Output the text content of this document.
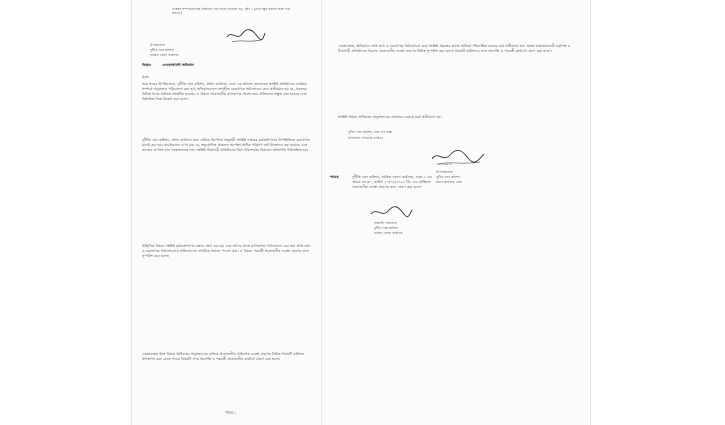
ডাকঘর সম্পত্তিগুলোর বিস্তারিত তথ্য প্রদান সংক্রান্ত পত্র, পৃষ্ঠা ১ (লেখা ক্ষুদ্র হওয়ায় হুবহু পড়া যায় না)
উপরিচালক
দুর্নীতি দমন কমিশন
সমন্বিত জেলা কার্যালয়
বিষয়ঃ	এনফোর্সমেন্ট অভিযান
সূত্রঃ
অত্র পত্রের উপরিচালক, দুর্নীতি দমন কমিশন, প্রধান কার্যালয়, ঢাকা এর আদেশ মোতাবেক সংশ্লিষ্ট প্রতিষ্ঠানের কার্যক্রম সম্পর্কে অনুসন্ধান পরিচালনা করা হয়। অভিযানকালে সংগৃহীত রেকর্ডপত্র পর্যালোচনা করে প্রতীয়মান হয় যে, প্রকল্পের বিভিন্ন খাতে অনিয়ম সংঘটিত হয়েছে। এ বিষয়ে প্রয়োজনীয় কাগজপত্র সংগ্রহ করে প্রতিবেদন প্রস্তুত করা হয়েছে এবং বিস্তারিত নিম্নে উল্লেখ করা হলো।
দুর্নীতি দমন কমিশন, প্রধান কার্যালয় হতে প্রেরিত নির্দেশনা অনুযায়ী সংশ্লিষ্ট দপ্তরের কর্মকর্তাগণের উপস্থিতিতে রেকর্ডপত্র যাচাই করা হয়। যাচাইকালে দেখা যায় যে, অনুমোদিত প্রাক্কলন অপেক্ষা অধিক পরিমাণ অর্থ উত্তোলন করা হয়েছে এবং কাজের গুণগত মান সন্তোষজনক নয়। সংশ্লিষ্ট ঠিকাদারী প্রতিষ্ঠানের বিল পরিশোধের বিষয়েও অসংগতি পরিলক্ষিত হয়।
উল্লিখিত বিষয়ে সংশ্লিষ্ট কর্মকর্তাগণের বক্তব্য গ্রহণ করা হয় এবং তাঁদের প্রদত্ত কাগজপত্র পর্যালোচনা করা হয়। প্রাপ্ত তথ্য ও রেকর্ডপত্র পর্যালোচনায় অভিযোগের প্রাথমিক সত্যতা পাওয়া যায়। এ বিষয়ে পরবর্তী প্রয়োজনীয় ব্যবস্থা গ্রহণের জন্য সুপারিশ করা হলো।
এমতাবস্থায় উক্ত বিষয়ে অধিকতর অনুসন্ধানের মাধ্যমে প্রয়োজনীয় আইনগত ব্যবস্থা গ্রহণের নিমিত্ত বিষয়টি কমিশনে উপস্থাপন করা যেতে পারে। বিষয়টি সদয় অবগতি ও পরবর্তী প্রয়োজনীয় কার্যার্থে প্রেরণ করা হলো।
পাতা-১
এমতাবস্থায়, অভিযানে প্রাপ্ত তথ্য ও রেকর্ডপত্র পর্যালোচনা করে সংশ্লিষ্ট প্রকল্পের কাজে অনিয়ম পরিলক্ষিত হয়েছে মর্মে প্রতীয়মান হয়। প্রকল্প বাস্তবায়নকারী কর্তৃপক্ষ ও ঠিকাদারী প্রতিষ্ঠানের বিরুদ্ধে প্রয়োজনীয় ব্যবস্থা গ্রহণের নিমিত্ত সুপারিশ করা হলো। বিষয়টি কমিশনের সদয় অবগতি ও পরবর্তী কার্যার্থে প্রেরণ করা হলো।
সংশ্লিষ্ট বিষয়ে অধিকতর অনুসন্ধানের প্রয়োজন রয়েছে মর্মে প্রতীয়মান হয়।
দুর্নীতি দমন কমিশন, ঢাকা এর পক্ষে
প্রতিবেদন দাখিলের তারিখঃ
১০.৫.২০২২
উপপরিচালক
দুর্নীতি দমন কমিশন
প্রধান কার্যালয়, ঢাকা
স্মারক	দুর্নীতি দমন কমিশন, সমন্বিত জেলা কার্যালয়, ঢাকা-১ এর স্মারক নং-৩০, তারিখ ১০/০৫/২০২২ খ্রি. এর প্রেক্ষিতে প্রয়োজনীয় ব্যবস্থা গ্রহণের জন্য প্রেরণ করা হলো।
সহকারী পরিচালক
দুর্নীতি দমন কমিশন
সমন্বিত জেলা কার্যালয়
